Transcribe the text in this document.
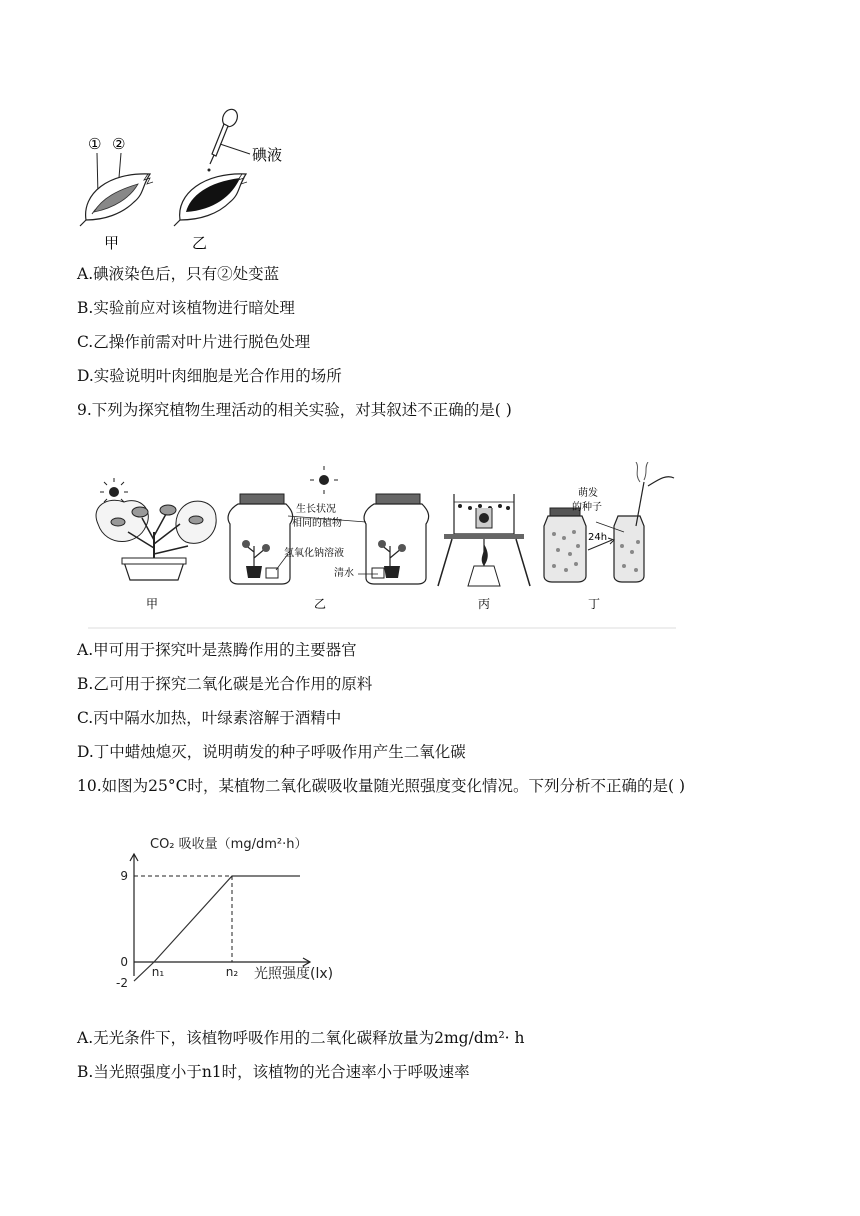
① ②
碘液
甲	乙
A.碘液染色后，只有②处变蓝
B.实验前应对该植物进行暗处理
C.乙操作前需对叶片进行脱色处理
D.实验说明叶肉细胞是光合作用的场所
9.下列为探究植物生理活动的相关实验，对其叙述不正确的是( )
生长状况
相同的植物
氢氧化钠溶液
清水
萌发
的种子
24h
甲	乙	丙	丁
A.甲可用于探究叶是蒸腾作用的主要器官
B.乙可用于探究二氧化碳是光合作用的原料
C.丙中隔水加热，叶绿素溶解于酒精中
D.丁中蜡烛熄灭，说明萌发的种子呼吸作用产生二氧化碳
10.如图为25°C时，某植物二氧化碳吸收量随光照强度变化情况。下列分析不正确的是( )
CO₂ 吸收量（mg/dm²·h）
光照强度(lx)
9
0
-2
n₁	n₂
A.无光条件下，该植物呼吸作用的二氧化碳释放量为2mg/dm²· h
B.当光照强度小于n1时，该植物的光合速率小于呼吸速率
